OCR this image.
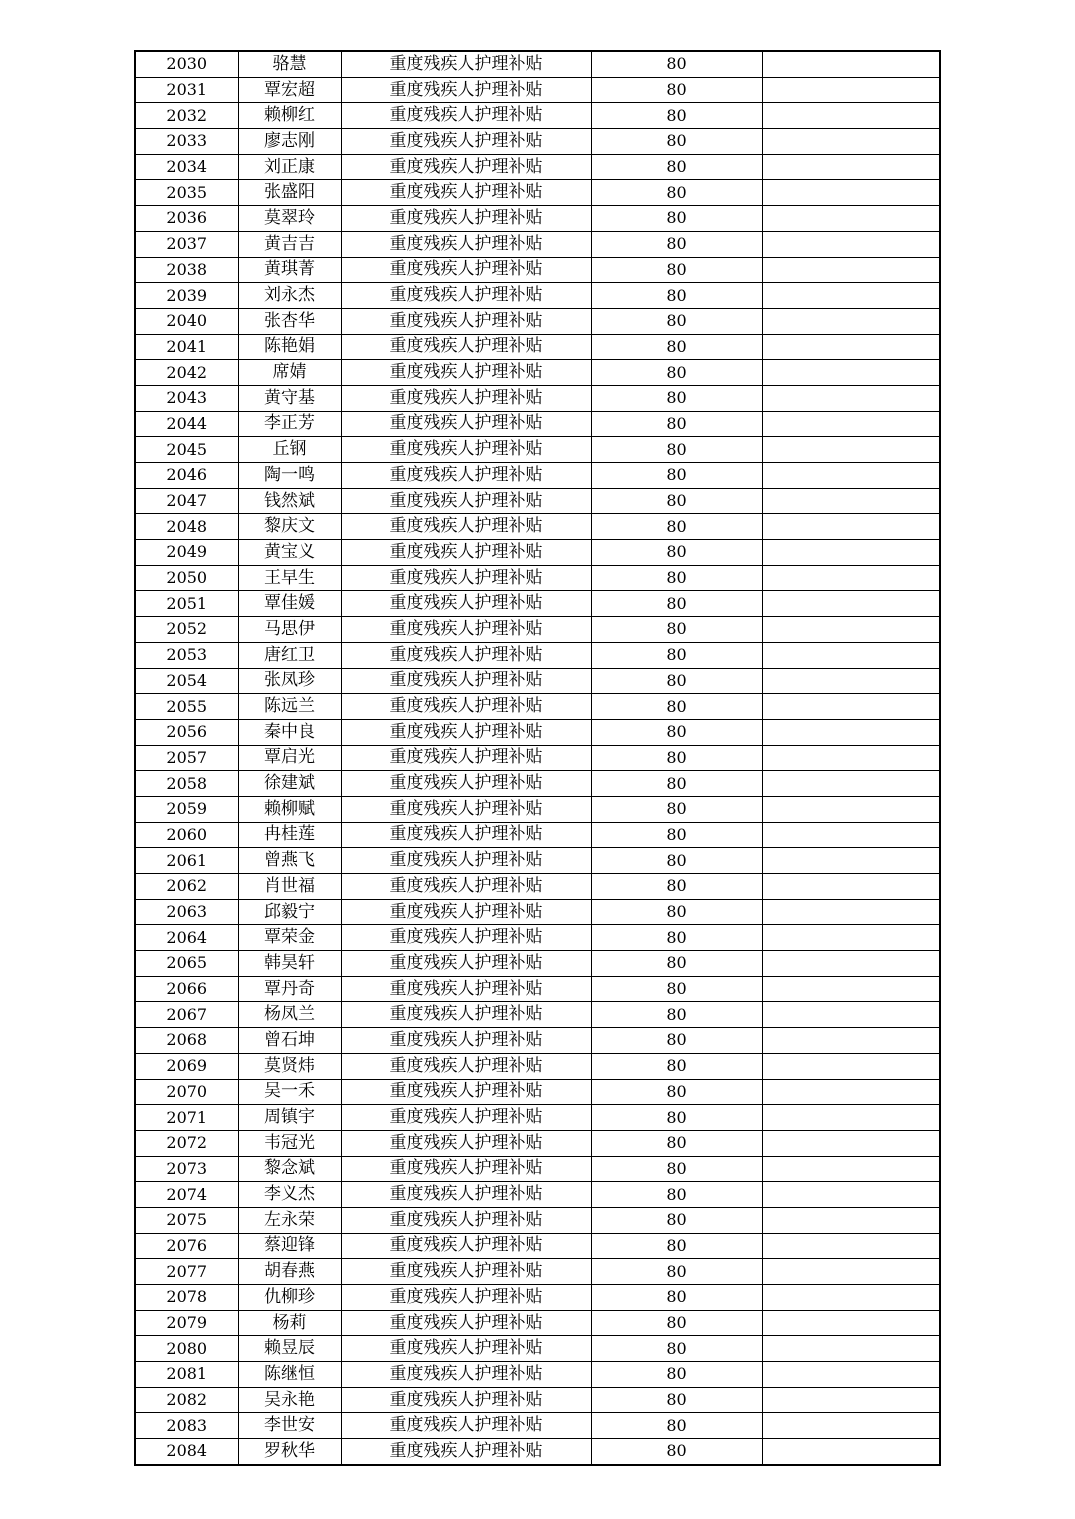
2030	骆慧	重度残疾人护理补贴	80	
2031	覃宏超	重度残疾人护理补贴	80	
2032	赖柳红	重度残疾人护理补贴	80	
2033	廖志刚	重度残疾人护理补贴	80	
2034	刘正康	重度残疾人护理补贴	80	
2035	张盛阳	重度残疾人护理补贴	80	
2036	莫翠玲	重度残疾人护理补贴	80	
2037	黄吉吉	重度残疾人护理补贴	80	
2038	黄琪菁	重度残疾人护理补贴	80	
2039	刘永杰	重度残疾人护理补贴	80	
2040	张杏华	重度残疾人护理补贴	80	
2041	陈艳娟	重度残疾人护理补贴	80	
2042	席婧	重度残疾人护理补贴	80	
2043	黄守基	重度残疾人护理补贴	80	
2044	李正芳	重度残疾人护理补贴	80	
2045	丘钢	重度残疾人护理补贴	80	
2046	陶一鸣	重度残疾人护理补贴	80	
2047	钱然斌	重度残疾人护理补贴	80	
2048	黎庆文	重度残疾人护理补贴	80	
2049	黄宝义	重度残疾人护理补贴	80	
2050	王早生	重度残疾人护理补贴	80	
2051	覃佳媛	重度残疾人护理补贴	80	
2052	马思伊	重度残疾人护理补贴	80	
2053	唐红卫	重度残疾人护理补贴	80	
2054	张凤珍	重度残疾人护理补贴	80	
2055	陈远兰	重度残疾人护理补贴	80	
2056	秦中良	重度残疾人护理补贴	80	
2057	覃启光	重度残疾人护理补贴	80	
2058	徐建斌	重度残疾人护理补贴	80	
2059	赖柳赋	重度残疾人护理补贴	80	
2060	冉桂莲	重度残疾人护理补贴	80	
2061	曾燕飞	重度残疾人护理补贴	80	
2062	肖世福	重度残疾人护理补贴	80	
2063	邱毅宁	重度残疾人护理补贴	80	
2064	覃荣金	重度残疾人护理补贴	80	
2065	韩昊轩	重度残疾人护理补贴	80	
2066	覃丹奇	重度残疾人护理补贴	80	
2067	杨凤兰	重度残疾人护理补贴	80	
2068	曾石坤	重度残疾人护理补贴	80	
2069	莫贤炜	重度残疾人护理补贴	80	
2070	吴一禾	重度残疾人护理补贴	80	
2071	周镇宇	重度残疾人护理补贴	80	
2072	韦冠光	重度残疾人护理补贴	80	
2073	黎念斌	重度残疾人护理补贴	80	
2074	李义杰	重度残疾人护理补贴	80	
2075	左永荣	重度残疾人护理补贴	80	
2076	蔡迎锋	重度残疾人护理补贴	80	
2077	胡春燕	重度残疾人护理补贴	80	
2078	仇柳珍	重度残疾人护理补贴	80	
2079	杨莉	重度残疾人护理补贴	80	
2080	赖昱辰	重度残疾人护理补贴	80	
2081	陈继恒	重度残疾人护理补贴	80	
2082	吴永艳	重度残疾人护理补贴	80	
2083	李世安	重度残疾人护理补贴	80	
2084	罗秋华	重度残疾人护理补贴	80	
